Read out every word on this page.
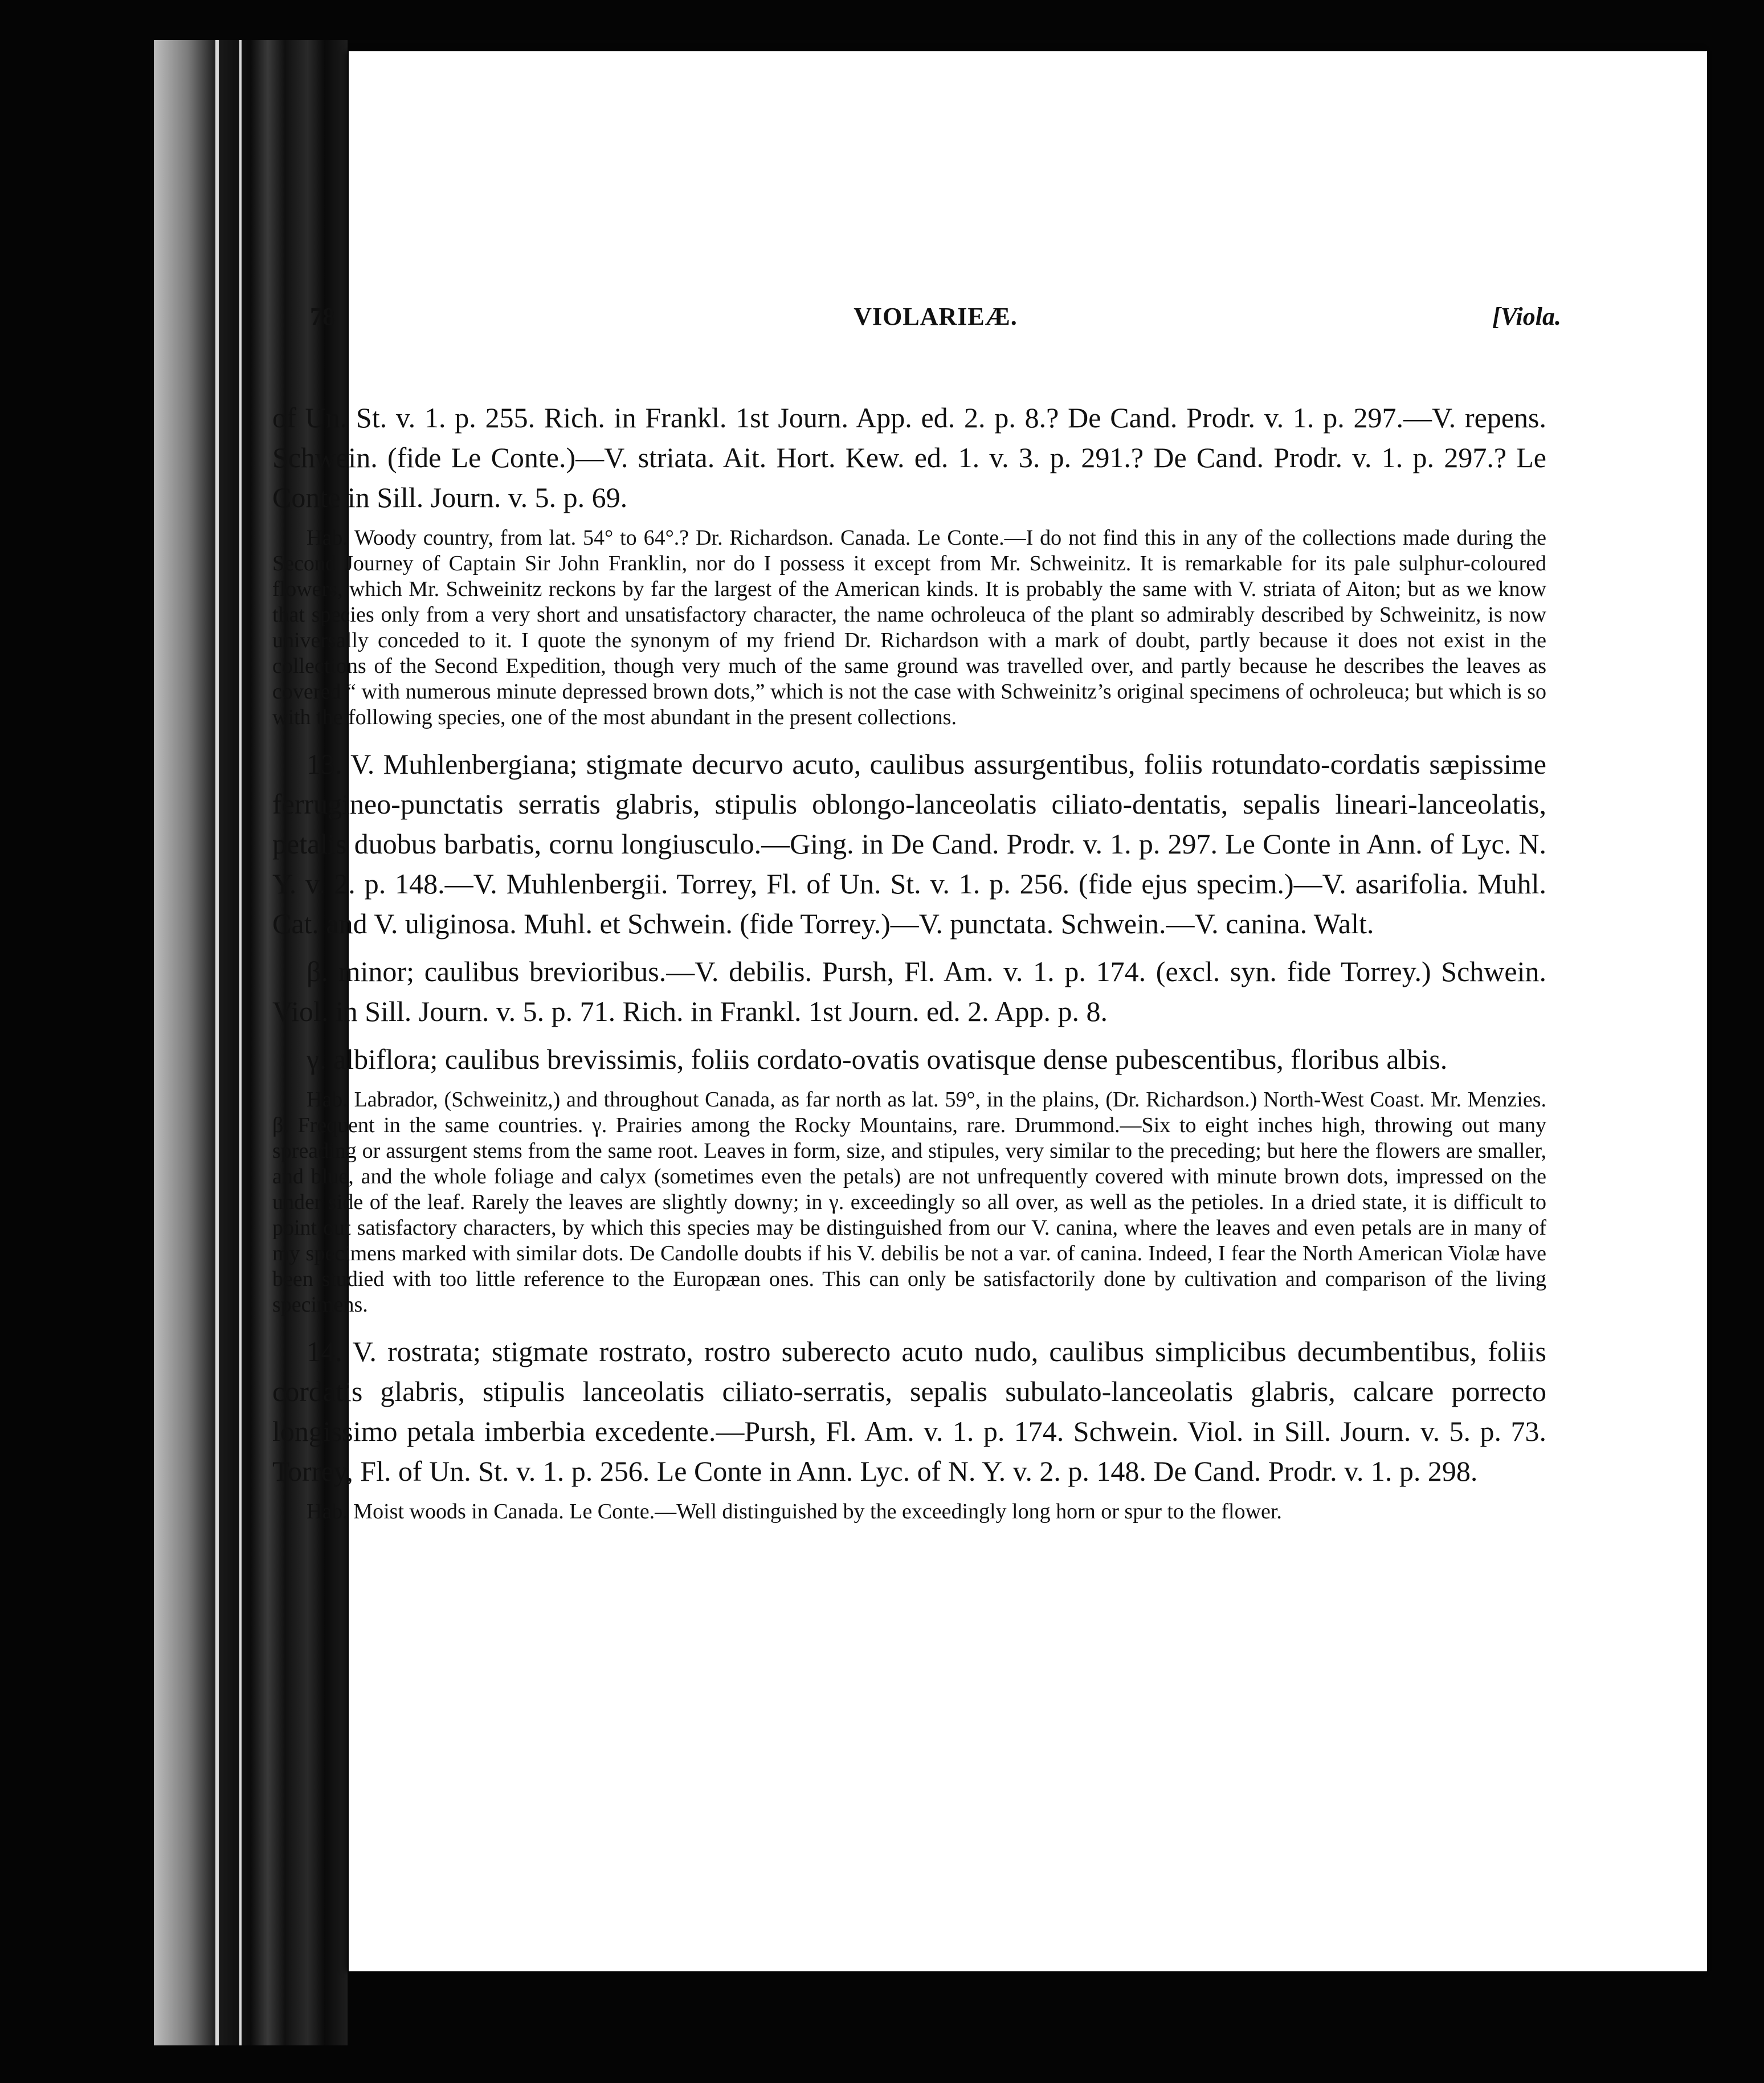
78	VIOLARIEÆ.	[Viola.

of Un. St. v. 1. p. 255. Rich. in Frankl. 1st Journ. App. ed. 2. p. 8.? De Cand. Prodr. v. 1. p. 297.—V. repens. Schwein. (fide Le Conte.)—V. striata. Ait. Hort. Kew. ed. 1. v. 3. p. 291.? De Cand. Prodr. v. 1. p. 297.? Le Conte in Sill. Journ. v. 5. p. 69.

Hab. Woody country, from lat. 54° to 64°.? Dr. Richardson. Canada. Le Conte.—I do not find this in any of the collections made during the Second Journey of Captain Sir John Franklin, nor do I possess it except from Mr. Schweinitz. It is remarkable for its pale sulphur-coloured flowers, which Mr. Schweinitz reckons by far the largest of the American kinds. It is probably the same with V. striata of Aiton; but as we know that species only from a very short and unsatisfactory character, the name ochroleuca of the plant so admirably described by Schweinitz, is now universally conceded to it. I quote the synonym of my friend Dr. Richardson with a mark of doubt, partly because it does not exist in the collections of the Second Expedition, though very much of the same ground was travelled over, and partly because he describes the leaves as covered “ with numerous minute depressed brown dots,” which is not the case with Schweinitz’s original specimens of ochroleuca; but which is so with the following species, one of the most abundant in the present collections.

13. V. Muhlenbergiana; stigmate decurvo acuto, caulibus assurgentibus, foliis rotundato-cordatis sæpissime ferrugineo-punctatis serratis glabris, stipulis oblongo-lanceolatis ciliato-dentatis, sepalis lineari-lanceolatis, petalis duobus barbatis, cornu longiusculo.—Ging. in De Cand. Prodr. v. 1. p. 297. Le Conte in Ann. of Lyc. N. Y. v. 2. p. 148.—V. Muhlenbergii. Torrey, Fl. of Un. St. v. 1. p. 256. (fide ejus specim.)—V. asarifolia. Muhl. Cat. and V. uliginosa. Muhl. et Schwein. (fide Torrey.)—V. punctata. Schwein.—V. canina. Walt.

β. minor; caulibus brevioribus.—V. debilis. Pursh, Fl. Am. v. 1. p. 174. (excl. syn. fide Torrey.) Schwein. Viol. in Sill. Journ. v. 5. p. 71. Rich. in Frankl. 1st Journ. ed. 2. App. p. 8.

γ. albiflora; caulibus brevissimis, foliis cordato-ovatis ovatisque dense pubescentibus, floribus albis.

Hab. Labrador, (Schweinitz,) and throughout Canada, as far north as lat. 59°, in the plains, (Dr. Richardson.) North-West Coast. Mr. Menzies. β. Frequent in the same countries. γ. Prairies among the Rocky Mountains, rare. Drummond.—Six to eight inches high, throwing out many spreading or assurgent stems from the same root. Leaves in form, size, and stipules, very similar to the preceding; but here the flowers are smaller, and blue, and the whole foliage and calyx (sometimes even the petals) are not unfrequently covered with minute brown dots, impressed on the under side of the leaf. Rarely the leaves are slightly downy; in γ. exceedingly so all over, as well as the petioles. In a dried state, it is difficult to point out satisfactory characters, by which this species may be distinguished from our V. canina, where the leaves and even petals are in many of my specimens marked with similar dots. De Candolle doubts if his V. debilis be not a var. of canina. Indeed, I fear the North American Violæ have been studied with too little reference to the Europæan ones. This can only be satisfactorily done by cultivation and comparison of the living specimens.

14. V. rostrata; stigmate rostrato, rostro suberecto acuto nudo, caulibus simplicibus decumbentibus, foliis cordatis glabris, stipulis lanceolatis ciliato-serratis, sepalis subulato-lanceolatis glabris, calcare porrecto longissimo petala imberbia excedente.—Pursh, Fl. Am. v. 1. p. 174. Schwein. Viol. in Sill. Journ. v. 5. p. 73. Torrey, Fl. of Un. St. v. 1. p. 256. Le Conte in Ann. Lyc. of N. Y. v. 2. p. 148. De Cand. Prodr. v. 1. p. 298.

Hab. Moist woods in Canada. Le Conte.—Well distinguished by the exceedingly long horn or spur to the flower.
